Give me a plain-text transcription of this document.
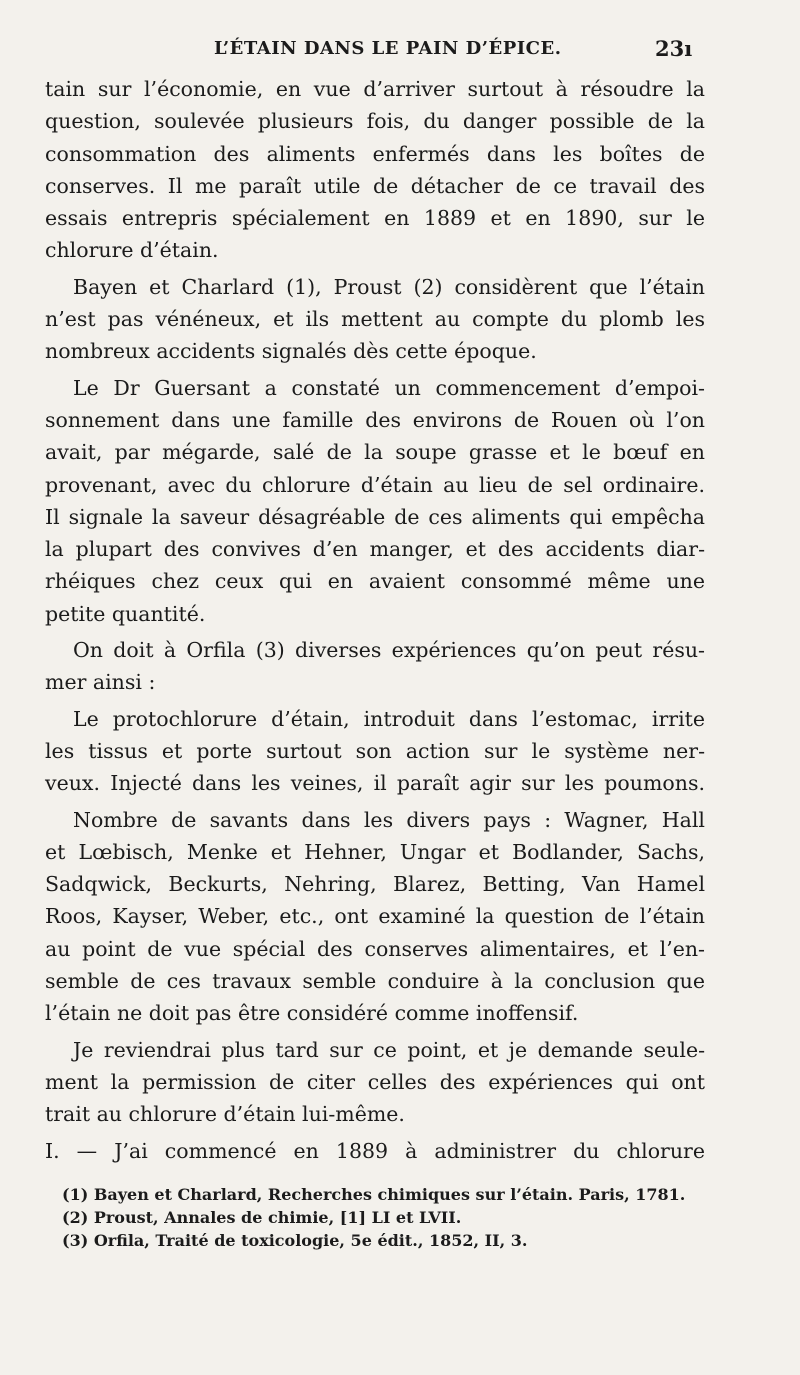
L’ÉTAIN DANS LE PAIN D’ÉPICE.	23ı
tain sur l’économie, en vue d’arriver surtout à résoudre la
question, soulevée plusieurs fois, du danger possible de la
consommation des aliments enfermés dans les boîtes de
conserves. Il me paraît utile de détacher de ce travail des
essais entrepris spécialement en 1889 et en 1890, sur le
chlorure d’étain.
Bayen et Charlard (1), Proust (2) considèrent que l’étain
n’est pas vénéneux, et ils mettent au compte du plomb les
nombreux accidents signalés dès cette époque.
Le Dr Guersant a constaté un commencement d’empoi-
sonnement dans une famille des environs de Rouen où l’on
avait, par mégarde, salé de la soupe grasse et le bœuf en
provenant, avec du chlorure d’étain au lieu de sel ordinaire.
Il signale la saveur désagréable de ces aliments qui empêcha
la plupart des convives d’en manger, et des accidents diar-
rhéiques chez ceux qui en avaient consommé même une
petite quantité.
On doit à Orfila (3) diverses expériences qu’on peut résu-
mer ainsi :
Le protochlorure d’étain, introduit dans l’estomac, irrite
les tissus et porte surtout son action sur le système ner-
veux. Injecté dans les veines, il paraît agir sur les poumons.
Nombre de savants dans les divers pays : Wagner, Hall
et Lœbisch, Menke et Hehner, Ungar et Bodlander, Sachs,
Sadqwick, Beckurts, Nehring, Blarez, Betting, Van Hamel
Roos, Kayser, Weber, etc., ont examiné la question de l’étain
au point de vue spécial des conserves alimentaires, et l’en-
semble de ces travaux semble conduire à la conclusion que
l’étain ne doit pas être considéré comme inoffensif.
Je reviendrai plus tard sur ce point, et je demande seule-
ment la permission de citer celles des expériences qui ont
trait au chlorure d’étain lui-même.
I. — J’ai commencé en 1889 à administrer du chlorure
(1) Bayen et Charlard, Recherches chimiques sur l’étain. Paris, 1781.
(2) Proust, Annales de chimie, [1] LI et LVII.
(3) Orfila, Traité de toxicologie, 5e édit., 1852, II, 3.
